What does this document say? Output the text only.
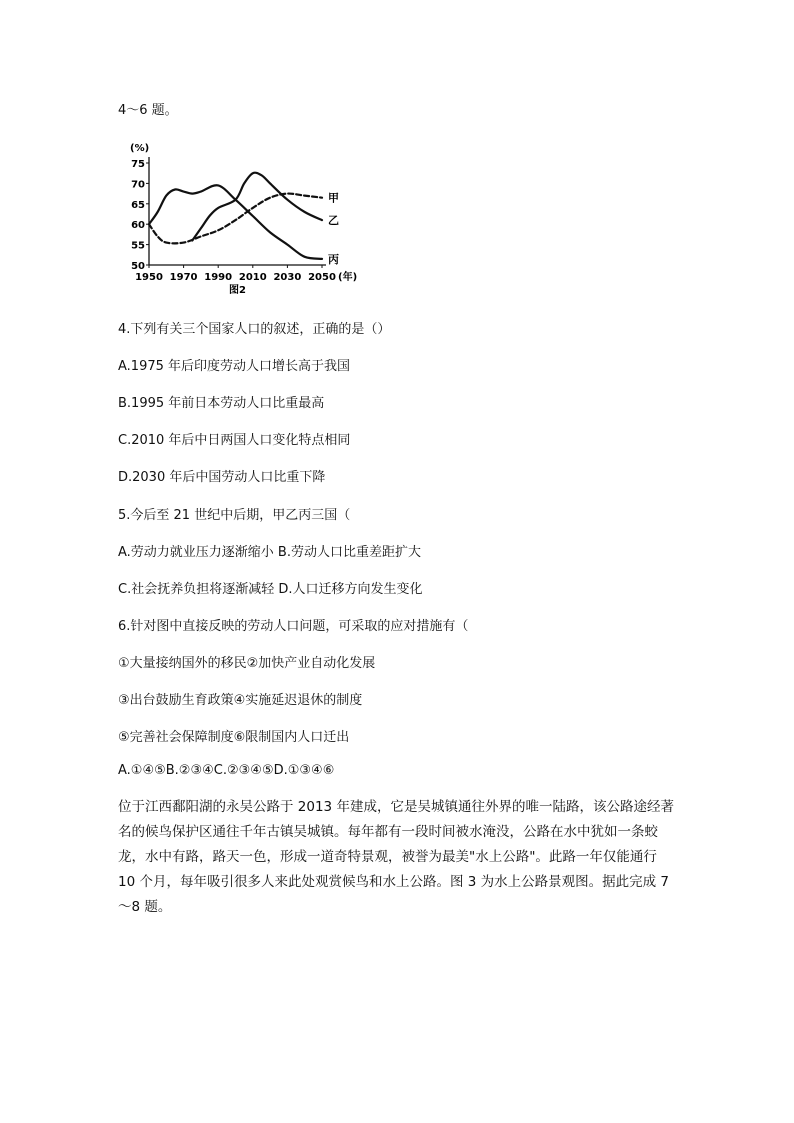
4～6 题。
(%)
75
70
65
60
55
50
1950 1970 1990 2010 2030 2050 (年)
图2
甲
乙
丙
4.下列有关三个国家人口的叙述，正确的是（）
A.1975 年后印度劳动人口增长高于我国
B.1995 年前日本劳动人口比重最高
C.2010 年后中日两国人口变化特点相同
D.2030 年后中国劳动人口比重下降
5.今后至 21 世纪中后期，甲乙丙三国（
A.劳动力就业压力逐渐缩小 B.劳动人口比重差距扩大
C.社会抚养负担将逐渐减轻 D.人口迁移方向发生变化
6.针对图中直接反映的劳动人口问题，可采取的应对措施有（
①大量接纳国外的移民②加快产业自动化发展
③出台鼓励生育政策④实施延迟退休的制度
⑤完善社会保障制度⑥限制国内人口迁出
A.①④⑤B.②③④C.②③④⑤D.①③④⑥
位于江西鄱阳湖的永吴公路于 2013 年建成，它是吴城镇通往外界的唯一陆路，该公路途经著名的候鸟保护区通往千年古镇吴城镇。每年都有一段时间被水淹没，公路在水中犹如一条蛟龙，水中有路，路天一色，形成一道奇特景观，被誉为最美"水上公路"。此路一年仅能通行 10 个月，每年吸引很多人来此处观赏候鸟和水上公路。图 3 为水上公路景观图。据此完成 7～8 题。
